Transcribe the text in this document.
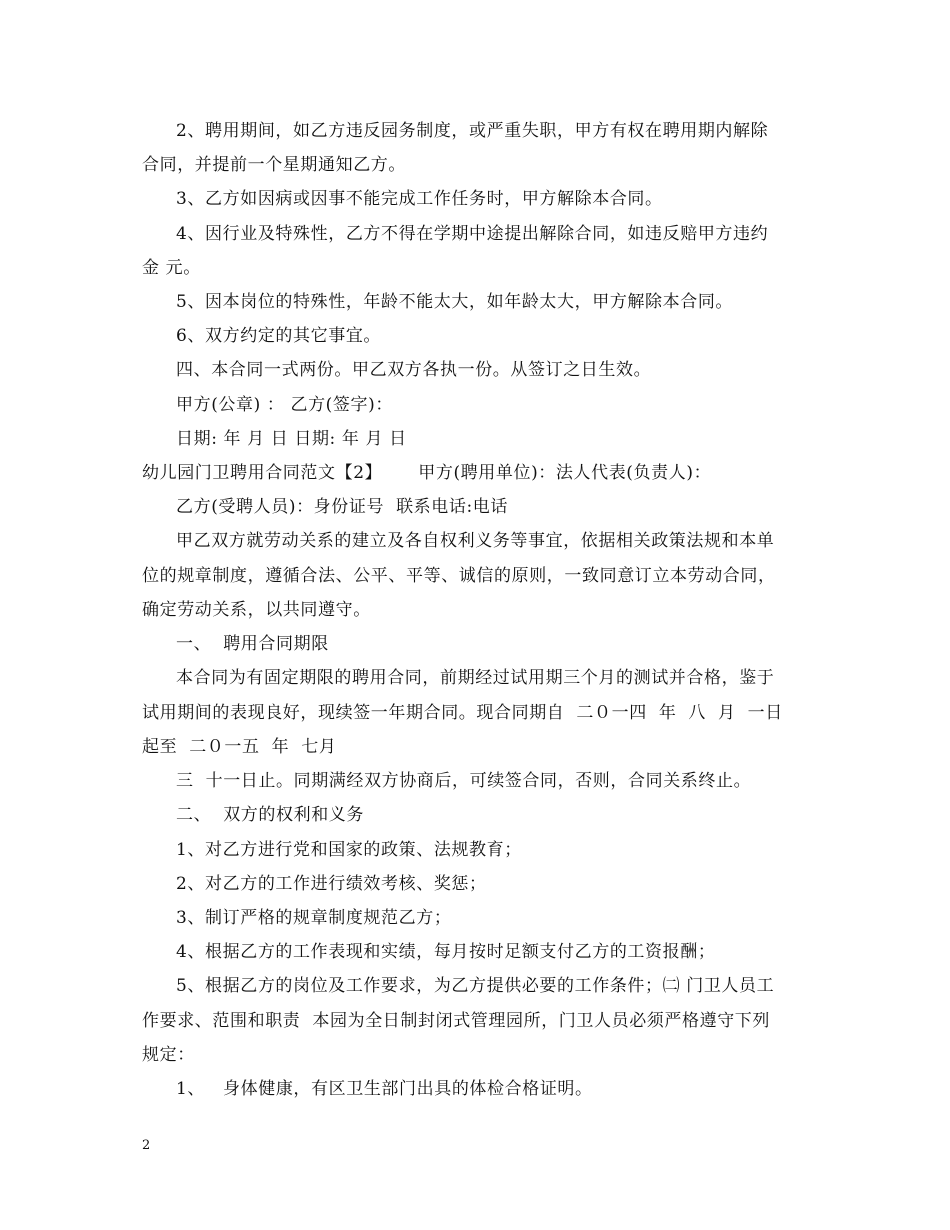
2、聘用期间，如乙方违反园务制度，或严重失职，甲方有权在聘用期内解除
合同，并提前一个星期通知乙方。
3、乙方如因病或因事不能完成工作任务时，甲方解除本合同。
4、因行业及特殊性，乙方不得在学期中途提出解除合同，如违反赔甲方违约
金 元。
5、因本岗位的特殊性，年龄不能太大，如年龄太大，甲方解除本合同。
6、双方约定的其它事宜。
四、本合同一式两份。甲乙双方各执一份。从签订之日生效。
甲方(公章) ： 乙方(签字)：
日期: 年 月 日 日期: 年 月 日
幼儿园门卫聘用合同范文【2】      甲方(聘用单位)：法人代表(负责人)：
乙方(受聘人员)：身份证号  联系电话:电话
甲乙双方就劳动关系的建立及各自权利义务等事宜，依据相关政策法规和本单
位的规章制度，遵循合法、公平、平等、诚信的原则，一致同意订立本劳动合同，
确定劳动关系，以共同遵守。
一、  聘用合同期限
本合同为有固定期限的聘用合同，前期经过试用期三个月的测试并合格，鉴于
试用期间的表现良好，现续签一年期合同。现合同期自  二０一四  年  八  月  一日
起至  二０一五  年  七月
三  十一日止。同期满经双方协商后，可续签合同，否则，合同关系终止。
二、  双方的权利和义务
1、对乙方进行党和国家的政策、法规教育；
2、对乙方的工作进行绩效考核、奖惩；
3、制订严格的规章制度规范乙方；
4、根据乙方的工作表现和实绩，每月按时足额支付乙方的工资报酬；
5、根据乙方的岗位及工作要求，为乙方提供必要的工作条件；㈡ 门卫人员工
作要求、范围和职责  本园为全日制封闭式管理园所，门卫人员必须严格遵守下列
规定：
1、   身体健康，有区卫生部门出具的体检合格证明。
2
